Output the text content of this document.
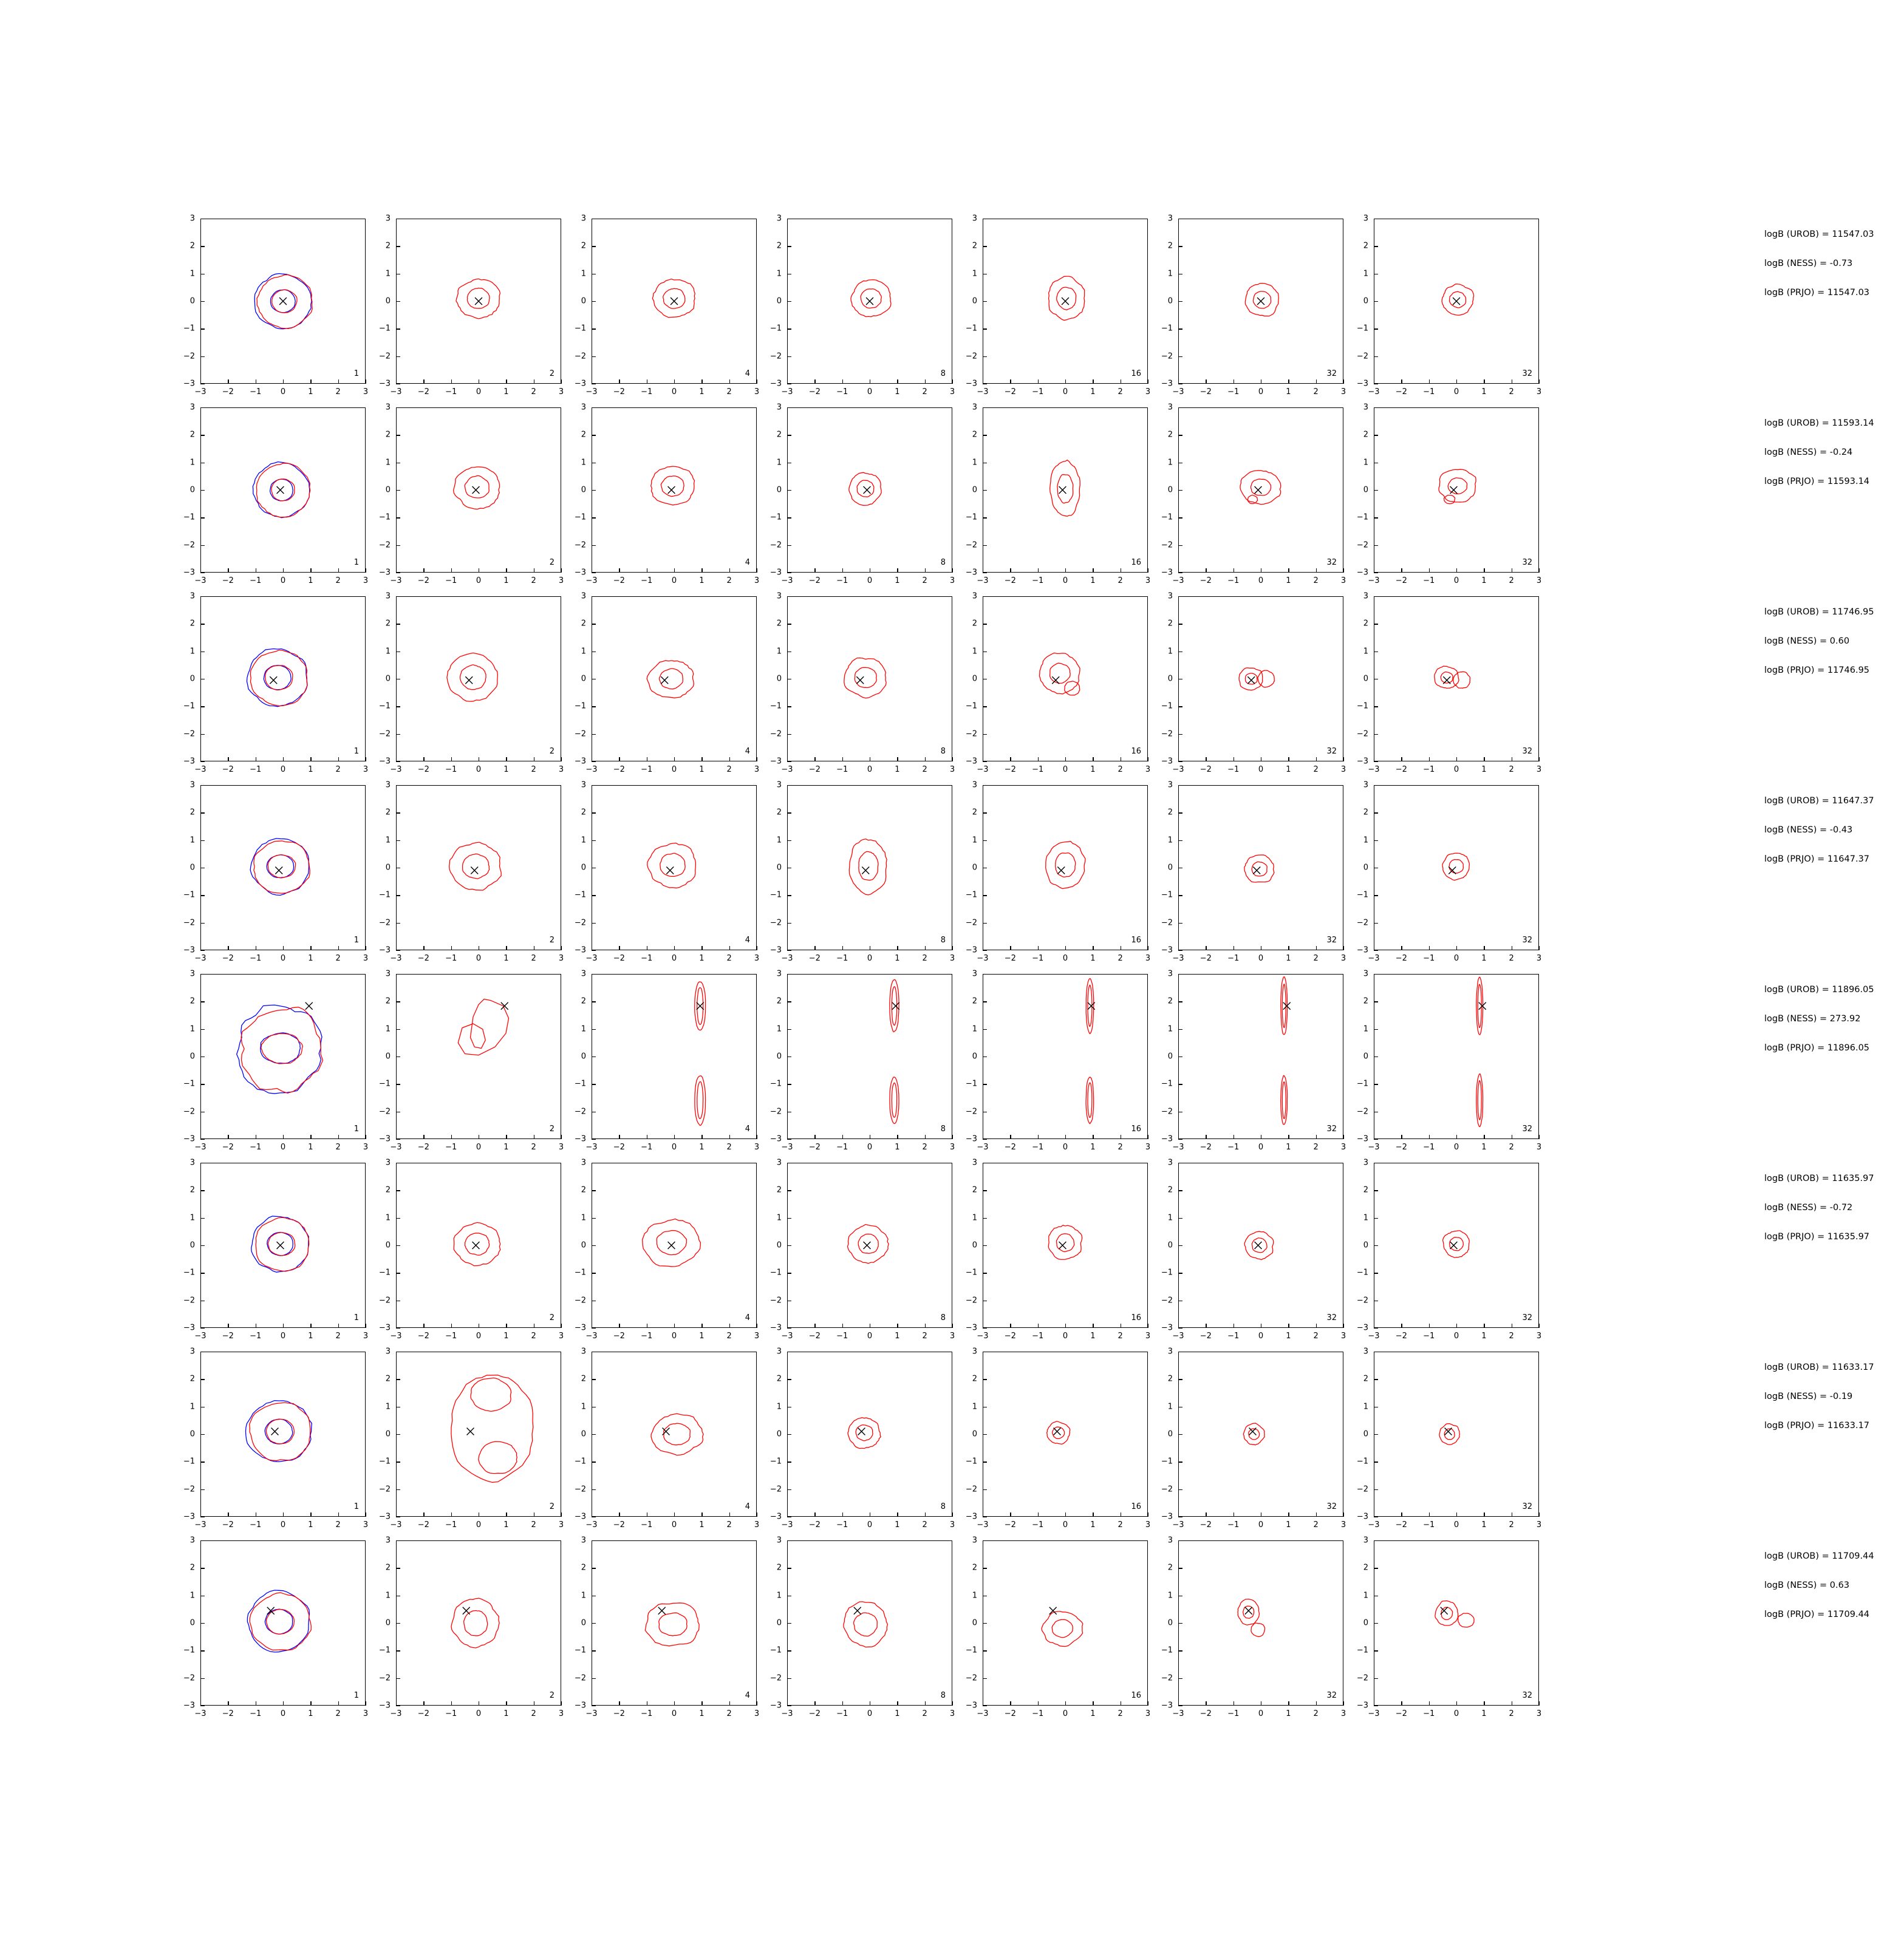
1
−3 −2 −1 0	1	2	3
−3
−2
−1
0
1
2
3
2
−3 −2 −1 0	1	2	3
−3
−2
−1
0
1
2
3
4
−3 −2 −1 0	1	2	3
−3
−2
−1
0
1
2
3
8
−3 −2 −1 0	1	2	3
−3
−2
−1
0
1
2
3
16
−3 −2 −1 0	1	2	3
−3
−2
−1
0
1
2
3
32
−3 −2 −1 0	1	2	3
−3
−2
−1
0
1
2
3
32
−3 −2 −1 0	1	2	3
−3
−2
−1
0
1
2
3
logB (UROB) = 11547.03
logB (NESS) = -0.73
logB (PRJO) = 11547.03
1
−3 −2 −1 0	1	2	3
−3
−2
−1
0
1
2
3
2
−3 −2 −1 0	1	2	3
−3
−2
−1
0
1
2
3
4
−3 −2 −1 0	1	2	3
−3
−2
−1
0
1
2
3
8
−3 −2 −1 0	1	2	3
−3
−2
−1
0
1
2
3
16
−3 −2 −1 0	1	2	3
−3
−2
−1
0
1
2
3
32
−3 −2 −1 0	1	2	3
−3
−2
−1
0
1
2
3
32
−3 −2 −1 0	1	2	3
−3
−2
−1
0
1
2
3
logB (UROB) = 11593.14
logB (NESS) = -0.24
logB (PRJO) = 11593.14
1
−3 −2 −1 0	1	2	3
−3
−2
−1
0
1
2
3
2
−3 −2 −1 0	1	2	3
−3
−2
−1
0
1
2
3
4
−3 −2 −1 0	1	2	3
−3
−2
−1
0
1
2
3
8
−3 −2 −1 0	1	2	3
−3
−2
−1
0
1
2
3
16
−3 −2 −1 0	1	2	3
−3
−2
−1
0
1
2
3
32
−3 −2 −1 0	1	2	3
−3
−2
−1
0
1
2
3
32
−3 −2 −1 0	1	2	3
−3
−2
−1
0
1
2
3
logB (UROB) = 11746.95
logB (NESS) = 0.60
logB (PRJO) = 11746.95
1
−3 −2 −1 0	1	2	3
−3
−2
−1
0
1
2
3
2
−3 −2 −1 0	1	2	3
−3
−2
−1
0
1
2
3
4
−3 −2 −1 0	1	2	3
−3
−2
−1
0
1
2
3
8
−3 −2 −1 0	1	2	3
−3
−2
−1
0
1
2
3
16
−3 −2 −1 0	1	2	3
−3
−2
−1
0
1
2
3
32
−3 −2 −1 0	1	2	3
−3
−2
−1
0
1
2
3
32
−3 −2 −1 0	1	2	3
−3
−2
−1
0
1
2
3
logB (UROB) = 11647.37
logB (NESS) = -0.43
logB (PRJO) = 11647.37
1
−3 −2 −1 0	1	2	3
−3
−2
−1
0
1
2
3
2
−3 −2 −1 0	1	2	3
−3
−2
−1
0
1
2
3
4
−3 −2 −1 0	1	2	3
−3
−2
−1
0
1
2
3
8
−3 −2 −1 0	1	2	3
−3
−2
−1
0
1
2
3
16
−3 −2 −1 0	1	2	3
−3
−2
−1
0
1
2
3
32
−3 −2 −1 0	1	2	3
−3
−2
−1
0
1
2
3
32
−3 −2 −1 0	1	2	3
−3
−2
−1
0
1
2
3
logB (UROB) = 11896.05
logB (NESS) = 273.92
logB (PRJO) = 11896.05
1
−3 −2 −1 0	1	2	3
−3
−2
−1
0
1
2
3
2
−3 −2 −1 0	1	2	3
−3
−2
−1
0
1
2
3
4
−3 −2 −1 0	1	2	3
−3
−2
−1
0
1
2
3
8
−3 −2 −1 0	1	2	3
−3
−2
−1
0
1
2
3
16
−3 −2 −1 0	1	2	3
−3
−2
−1
0
1
2
3
32
−3 −2 −1 0	1	2	3
−3
−2
−1
0
1
2
3
32
−3 −2 −1 0	1	2	3
−3
−2
−1
0
1
2
3
logB (UROB) = 11635.97
logB (NESS) = -0.72
logB (PRJO) = 11635.97
1
−3 −2 −1 0	1	2	3
−3
−2
−1
0
1
2
3
2
−3 −2 −1 0	1	2	3
−3
−2
−1
0
1
2
3
4
−3 −2 −1 0	1	2	3
−3
−2
−1
0
1
2
3
8
−3 −2 −1 0	1	2	3
−3
−2
−1
0
1
2
3
16
−3 −2 −1 0	1	2	3
−3
−2
−1
0
1
2
3
32
−3 −2 −1 0	1	2	3
−3
−2
−1
0
1
2
3
32
−3 −2 −1 0	1	2	3
−3
−2
−1
0
1
2
3
logB (UROB) = 11633.17
logB (NESS) = -0.19
logB (PRJO) = 11633.17
1
−3 −2 −1 0	1	2	3
−3
−2
−1
0
1
2
3
2
−3 −2 −1 0	1	2	3
−3
−2
−1
0
1
2
3
4
−3 −2 −1 0	1	2	3
−3
−2
−1
0
1
2
3
8
−3 −2 −1 0	1	2	3
−3
−2
−1
0
1
2
3
16
−3 −2 −1 0	1	2	3
−3
−2
−1
0
1
2
3
32
−3 −2 −1 0	1	2	3
−3
−2
−1
0
1
2
3
32
−3 −2 −1 0	1	2	3
−3
−2
−1
0
1
2
3
logB (UROB) = 11709.44
logB (NESS) = 0.63
logB (PRJO) = 11709.44
